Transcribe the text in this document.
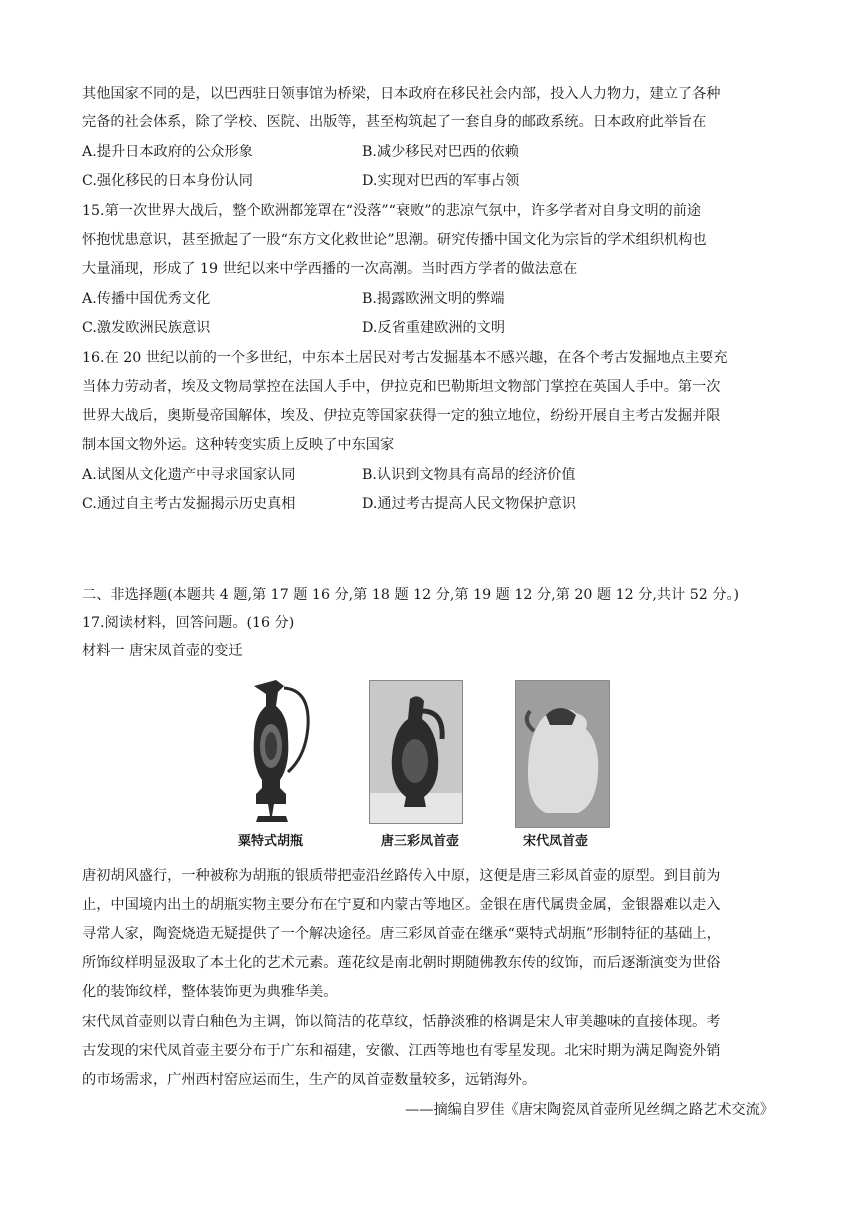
其他国家不同的是，以巴西驻日领事馆为桥梁，日本政府在移民社会内部，投入人力物力，建立了各种
完备的社会体系，除了学校、医院、出版等，甚至构筑起了一套自身的邮政系统。日本政府此举旨在
A.提升日本政府的公众形象	B.减少移民对巴西的依赖
C.强化移民的日本身份认同	D.实现对巴西的军事占领
15.第一次世界大战后，整个欧洲都笼罩在“没落”“衰败”的悲凉气氛中，许多学者对自身文明的前途
怀抱忧患意识，甚至掀起了一股“东方文化救世论”思潮。研究传播中国文化为宗旨的学术组织机构也
大量涌现，形成了 19 世纪以来中学西播的一次高潮。当时西方学者的做法意在
A.传播中国优秀文化	B.揭露欧洲文明的弊端
C.激发欧洲民族意识	D.反省重建欧洲的文明
16.在 20 世纪以前的一个多世纪，中东本土居民对考古发掘基本不感兴趣，在各个考古发掘地点主要充
当体力劳动者，埃及文物局掌控在法国人手中，伊拉克和巴勒斯坦文物部门掌控在英国人手中。第一次
世界大战后，奥斯曼帝国解体，埃及、伊拉克等国家获得一定的独立地位，纷纷开展自主考古发掘并限
制本国文物外运。这种转变实质上反映了中东国家
A.试图从文化遗产中寻求国家认同	B.认识到文物具有高昂的经济价值
C.通过自主考古发掘揭示历史真相	D.通过考古提高人民文物保护意识
二、非选择题(本题共 4 题,第 17 题 16 分,第 18 题 12 分,第 19 题 12 分,第 20 题 12 分,共计 52 分。)
17.阅读材料，回答问题。(16 分)
材料一 唐宋凤首壶的变迁
粟特式胡瓶	唐三彩凤首壶	宋代凤首壶
唐初胡风盛行，一种被称为胡瓶的银质带把壶沿丝路传入中原，这便是唐三彩凤首壶的原型。到目前为
止，中国境内出土的胡瓶实物主要分布在宁夏和内蒙古等地区。金银在唐代属贵金属，金银器难以走入
寻常人家，陶瓷烧造无疑提供了一个解决途径。唐三彩凤首壶在继承“粟特式胡瓶”形制特征的基础上，
所饰纹样明显汲取了本土化的艺术元素。莲花纹是南北朝时期随佛教东传的纹饰，而后逐渐演变为世俗
化的装饰纹样，整体装饰更为典雅华美。
宋代凤首壶则以青白釉色为主调，饰以简洁的花草纹，恬静淡雅的格调是宋人审美趣味的直接体现。考
古发现的宋代凤首壶主要分布于广东和福建，安徽、江西等地也有零星发现。北宋时期为满足陶瓷外销
的市场需求，广州西村窑应运而生，生产的凤首壶数量较多，远销海外。
——摘编自罗佳《唐宋陶瓷凤首壶所见丝绸之路艺术交流》
